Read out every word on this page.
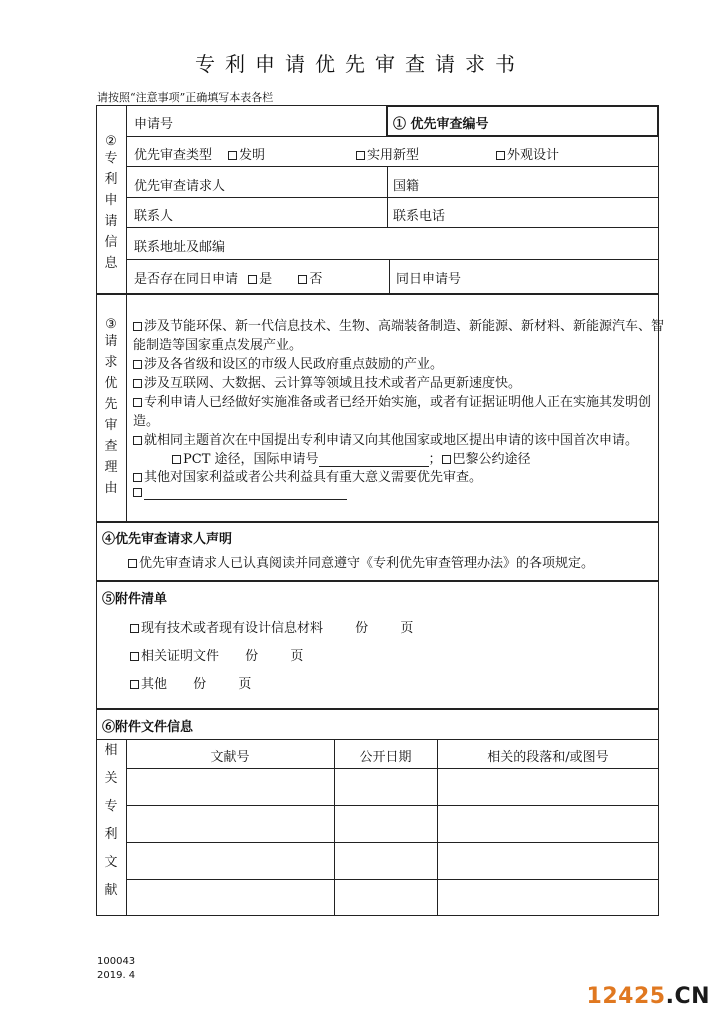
专利申请优先审查请求书
请按照“注意事项”正确填写本表各栏
②
专
利
申
请
信
息
申请号	① 优先审查编号
优先审查类型	发明	实用新型	外观设计
优先审查请求人	国籍
联系人	联系电话
联系地址及邮编
是否存在同日申请 是	否	同日申请号
③
请
求
优
先
审
查
理
由
涉及节能环保、新一代信息技术、生物、高端装备制造、新能源、新材料、新能源汽车、智
能制造等国家重点发展产业。
涉及各省级和设区的市级人民政府重点鼓励的产业。
涉及互联网、大数据、云计算等领域且技术或者产品更新速度快。
专利申请人已经做好实施准备或者已经开始实施，或者有证据证明他人正在实施其发明创
造。
就相同主题首次在中国提出专利申请又向其他国家或地区提出申请的该中国首次申请。
PCT 途径，国际申请号	； 巴黎公约途径
其他对国家利益或者公共利益具有重大意义需要优先审查。
④优先审查请求人声明
优先审查请求人已认真阅读并同意遵守《专利优先审查管理办法》的各项规定。
⑤附件清单
现有技术或者现有设计信息材料 份 页
相关证明文件 份 页
其他 份 页
⑥附件文件信息
相
关
专
利
文
献
文献号	公开日期	相关的段落和/或图号
100043
2019. 4
12425.CN
